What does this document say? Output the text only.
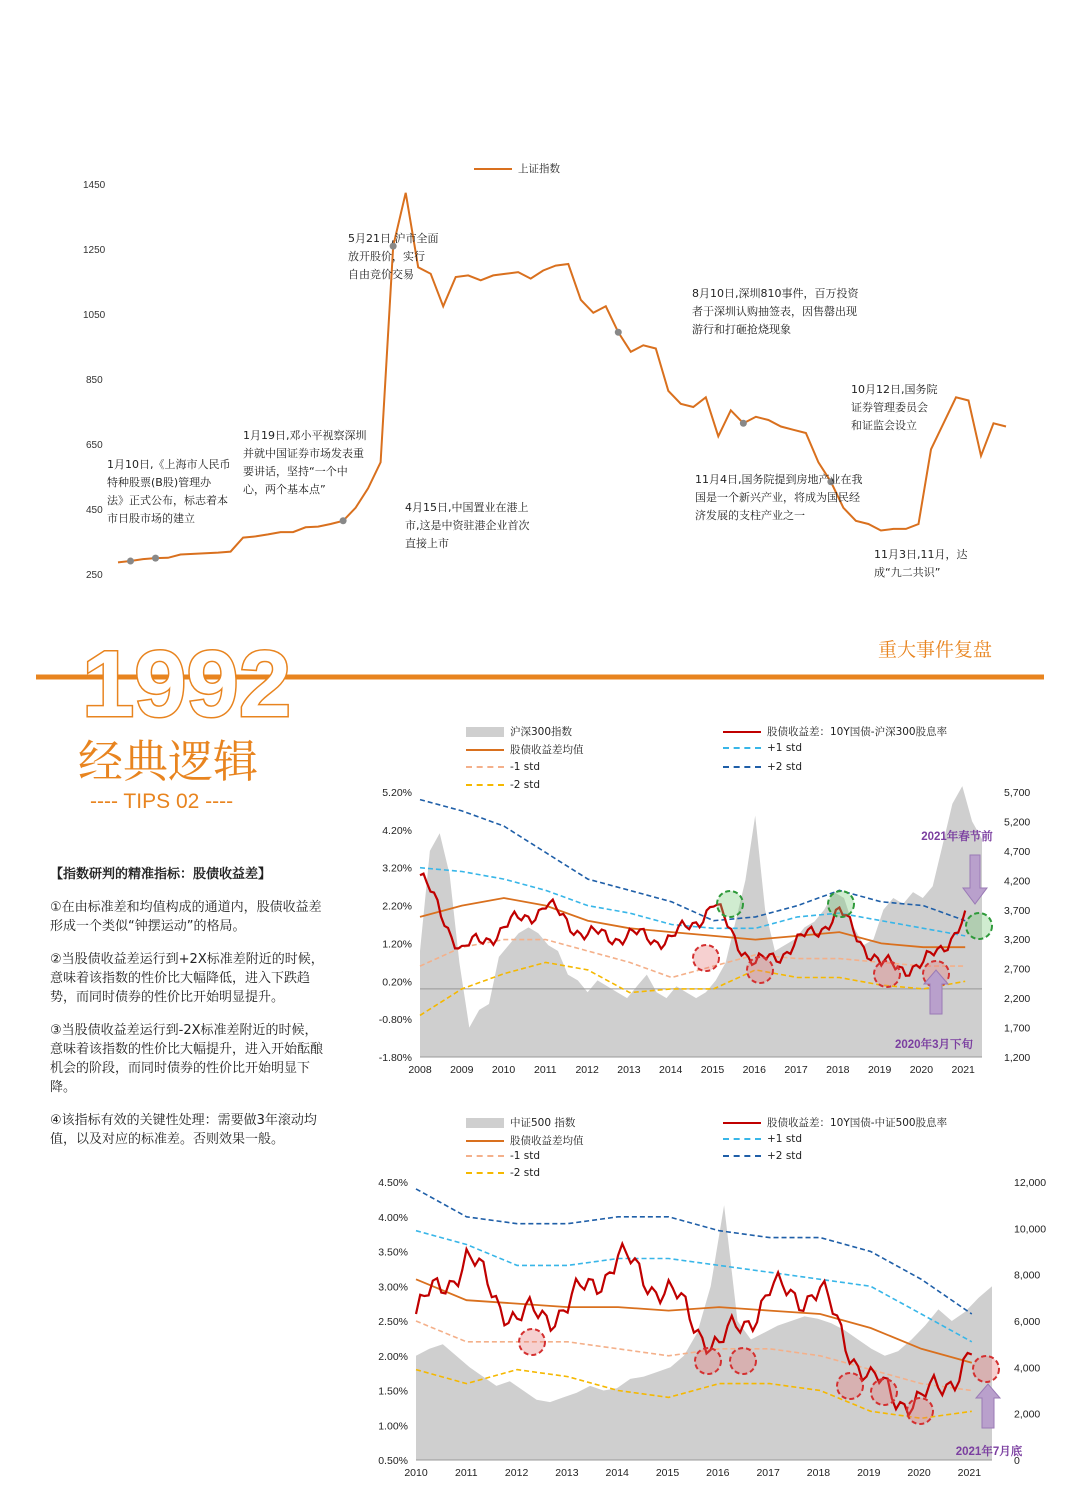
上证指数
1450
1250
1050
850
650
450
250
1月10日,《上海市人民币
特种股票(B股)管理办
法》正式公布，标志着本
市日股市场的建立
1月19日,邓小平视察深圳
并就中国证券市场发表重
要讲话，坚持“一个中
心，两个基本点”
4月15日,中国置业在港上
市,这是中资驻港企业首次
直接上市
5月21日,沪市全面
放开股价，实行
自由竞价交易
8月10日,深圳810事件，百万投资
者于深圳认购抽签表，因售罄出现
游行和打砸抢烧现象
10月12日,国务院
证券管理委员会
和证监会设立
11月4日,国务院提到房地产业在我
国是一个新兴产业，将成为国民经
济发展的支柱产业之一
11月3日,11月，达
成“九二共识”
1992
经典逻辑
---- TIPS 02 ----
重大事件复盘

【指数研判的精准指标：股债收益差】

①在由标准差和均值构成的通道内，股债收益差形成一个类似“钟摆运动”的格局。

②当股债收益差运行到+2X标准差附近的时候，意味着该指数的性价比大幅降低，进入下跌趋势，而同时债券的性价比开始明显提升。

③当股债收益差运行到-2X标准差附近的时候，意味着该指数的性价比大幅提升，进入开始酝酿机会的阶段，而同时债券的性价比开始明显下降。

④该指标有效的关键性处理：需要做3年滚动均值，以及对应的标准差。否则效果一般。

沪深300指数	股债收益差：10Y国债-沪深300股息率
股债收益差均值	+1 std
-1 std	+2 std
-2 std
5.20%
4.20%
3.20%
2.20%
1.20%
0.20%
-0.80%
-1.80%
5,700
5,200
4,700
4,200
3,700
3,200
2,700
2,200
1,700
1,200
2008 2009 2010 2011 2012 2013 2014 2015 2016 2017 2018 2019 2020 2021
2021年春节前
2020年3月下旬
中证500 指数	股债收益差：10Y国债-中证500股息率
股债收益差均值	+1 std
-1 std	+2 std
-2 std
4.50%
4.00%
3.50%
3.00%
2.50%
2.00%
1.50%
1.00%
0.50%
12,000
10,000
8,000
6,000
4,000
2,000
0
2010	2011	2012	2013	2014	2015	2016	2017	2018	2019	2020	2021
2021年7月底
